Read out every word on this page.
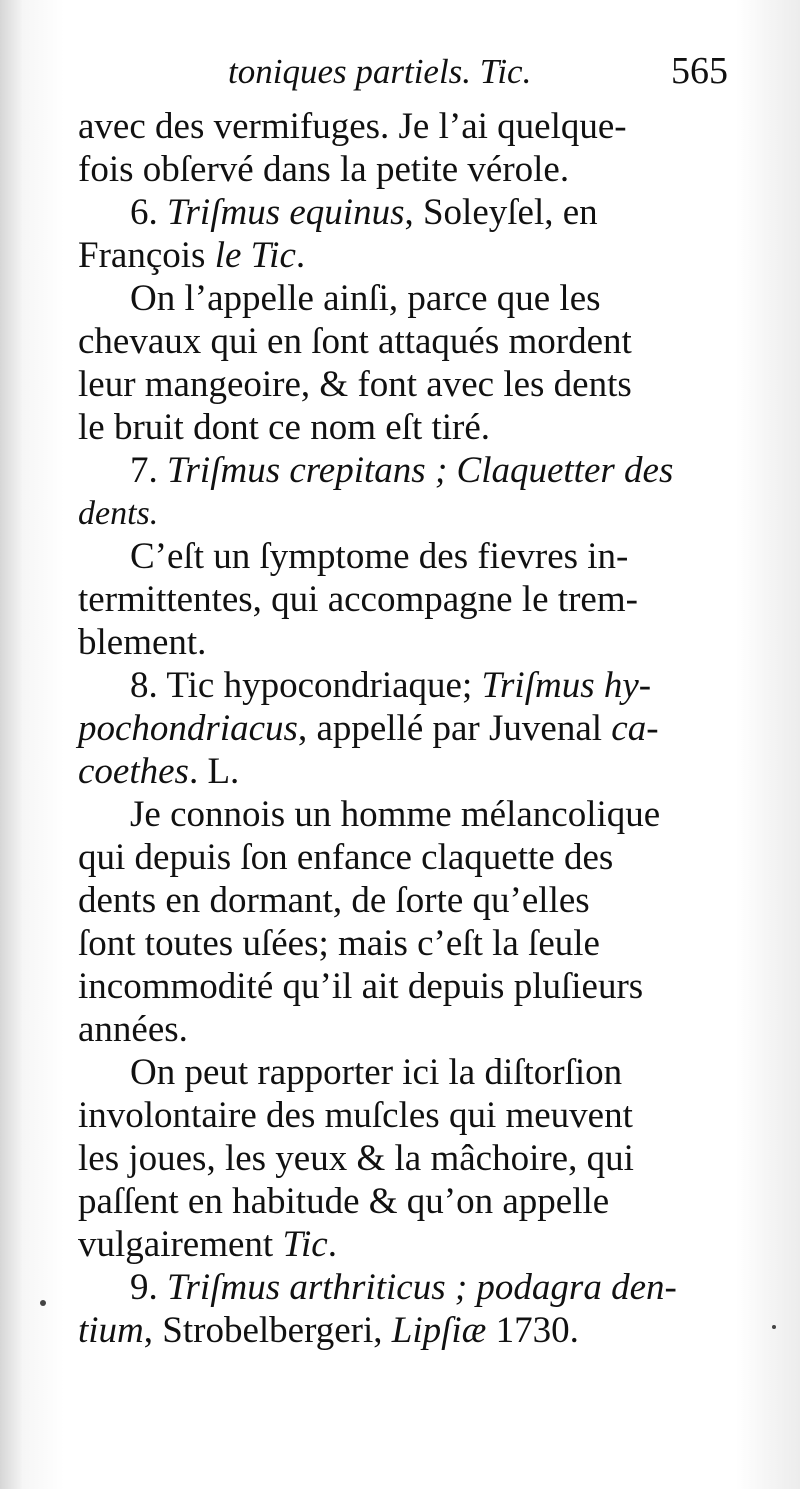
toniques partiels. Tic.	565
avec des vermifuges. Je l’ai quelque-
fois obſervé dans la petite vérole.
6. Triſmus equinus, Soleyſel, en
François le Tic.
On l’appelle ainſi, parce que les
chevaux qui en ſont attaqués mordent
leur mangeoire, & font avec les dents
le bruit dont ce nom eſt tiré.
7. Triſmus crepitans ; Claquetter des
dents.
C’eſt un ſymptome des fievres in-
termittentes, qui accompagne le trem-
blement.
8. Tic hypocondriaque; Triſmus hy-
pochondriacus, appellé par Juvenal ca-
coethes. L.
Je connois un homme mélancolique
qui depuis ſon enfance claquette des
dents en dormant, de ſorte qu’elles
ſont toutes uſées; mais c’eſt la ſeule
incommodité qu’il ait depuis pluſieurs
années.
On peut rapporter ici la diſtorſion
involontaire des muſcles qui meuvent
les joues, les yeux & la mâchoire, qui
paſſent en habitude & qu’on appelle
vulgairement Tic.
9. Triſmus arthriticus ; podagra den-
tium, Strobelbergeri, Lipſiæ 1730.
